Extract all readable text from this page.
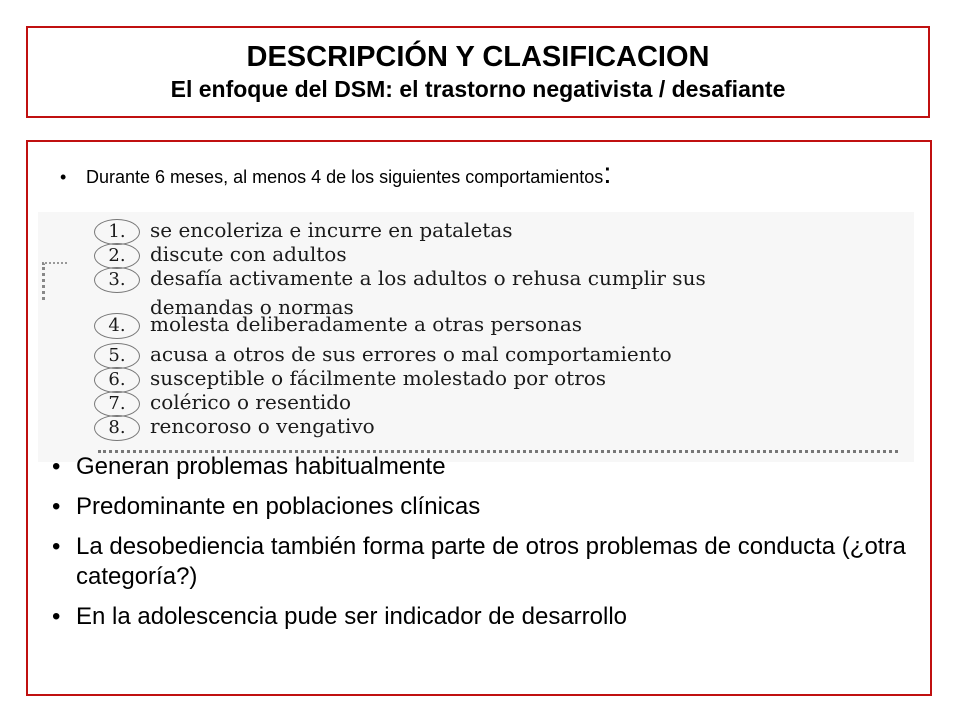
DESCRIPCIÓN Y CLASIFICACION
El enfoque del DSM: el trastorno negativista / desafiante
• Durante 6 meses, al menos 4 de los siguientes comportamientos:
1. se encoleriza e incurre en pataletas
2. discute con adultos
3. desafía activamente a los adultos o rehusa cumplir sus
demandas o normas
4. molesta deliberadamente a otras personas
5. acusa a otros de sus errores o mal comportamiento
6. susceptible o fácilmente molestado por otros
7. colérico o resentido
8. rencoroso o vengativo
• Generan problemas habitualmente
• Predominante en poblaciones clínicas
• La desobediencia también forma parte de otros problemas de conducta (¿otra categoría?)
• En la adolescencia pude ser indicador de desarrollo
